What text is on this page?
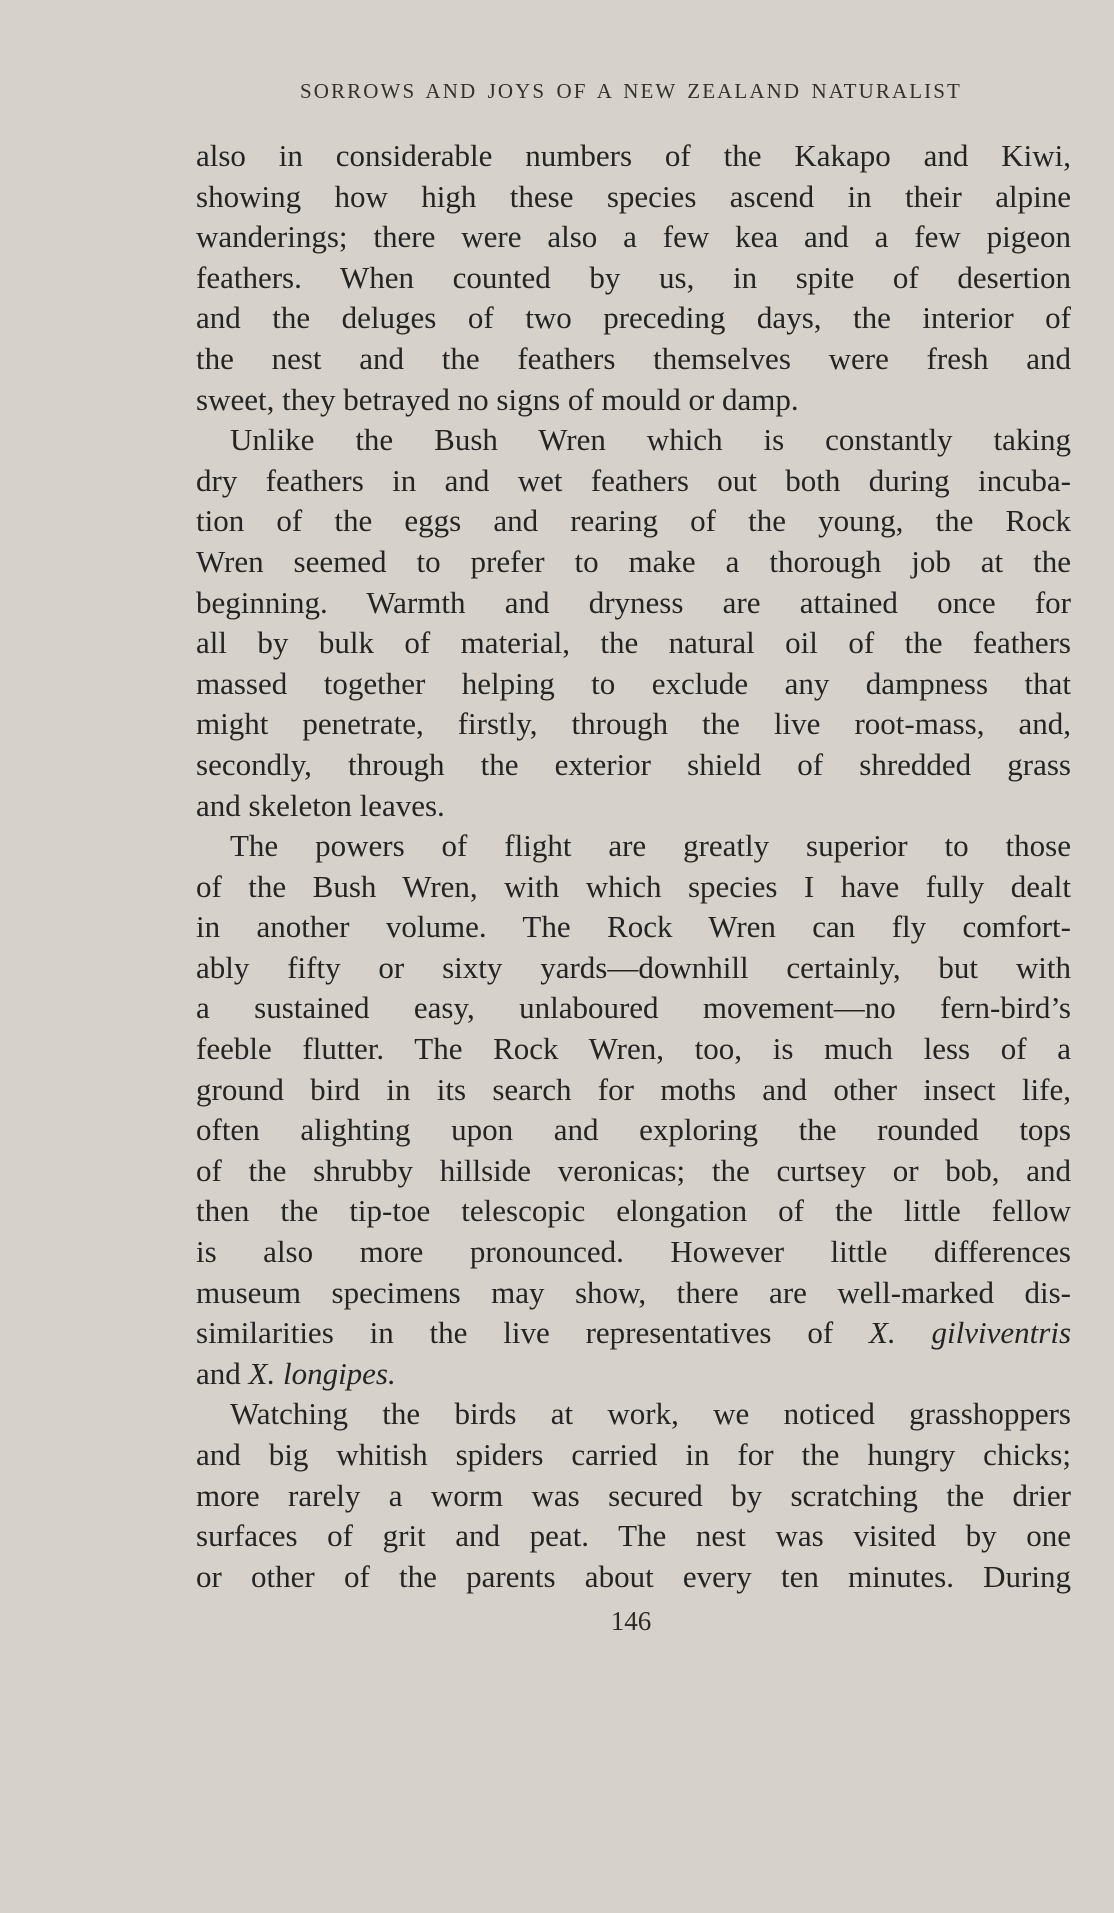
SORROWS AND JOYS OF A NEW ZEALAND NATURALIST

also in considerable numbers of the Kakapo and Kiwi,
showing how high these species ascend in their alpine
wanderings; there were also a few kea and a few pigeon
feathers. When counted by us, in spite of desertion
and the deluges of two preceding days, the interior of
the nest and the feathers themselves were fresh and
sweet, they betrayed no signs of mould or damp.

Unlike the Bush Wren which is constantly taking
dry feathers in and wet feathers out both during incuba-
tion of the eggs and rearing of the young, the Rock
Wren seemed to prefer to make a thorough job at the
beginning. Warmth and dryness are attained once for
all by bulk of material, the natural oil of the feathers
massed together helping to exclude any dampness that
might penetrate, firstly, through the live root-mass, and,
secondly, through the exterior shield of shredded grass
and skeleton leaves.

The powers of flight are greatly superior to those
of the Bush Wren, with which species I have fully dealt
in another volume. The Rock Wren can fly comfort-
ably fifty or sixty yards—downhill certainly, but with
a sustained easy, unlaboured movement—no fern-bird’s
feeble flutter. The Rock Wren, too, is much less of a
ground bird in its search for moths and other insect life,
often alighting upon and exploring the rounded tops
of the shrubby hillside veronicas; the curtsey or bob, and
then the tip-toe telescopic elongation of the little fellow
is also more pronounced. However little differences
museum specimens may show, there are well-marked dis-
similarities in the live representatives of X. gilviventris
and X. longipes.

Watching the birds at work, we noticed grasshoppers
and big whitish spiders carried in for the hungry chicks;
more rarely a worm was secured by scratching the drier
surfaces of grit and peat. The nest was visited by one
or other of the parents about every ten minutes. During

146
